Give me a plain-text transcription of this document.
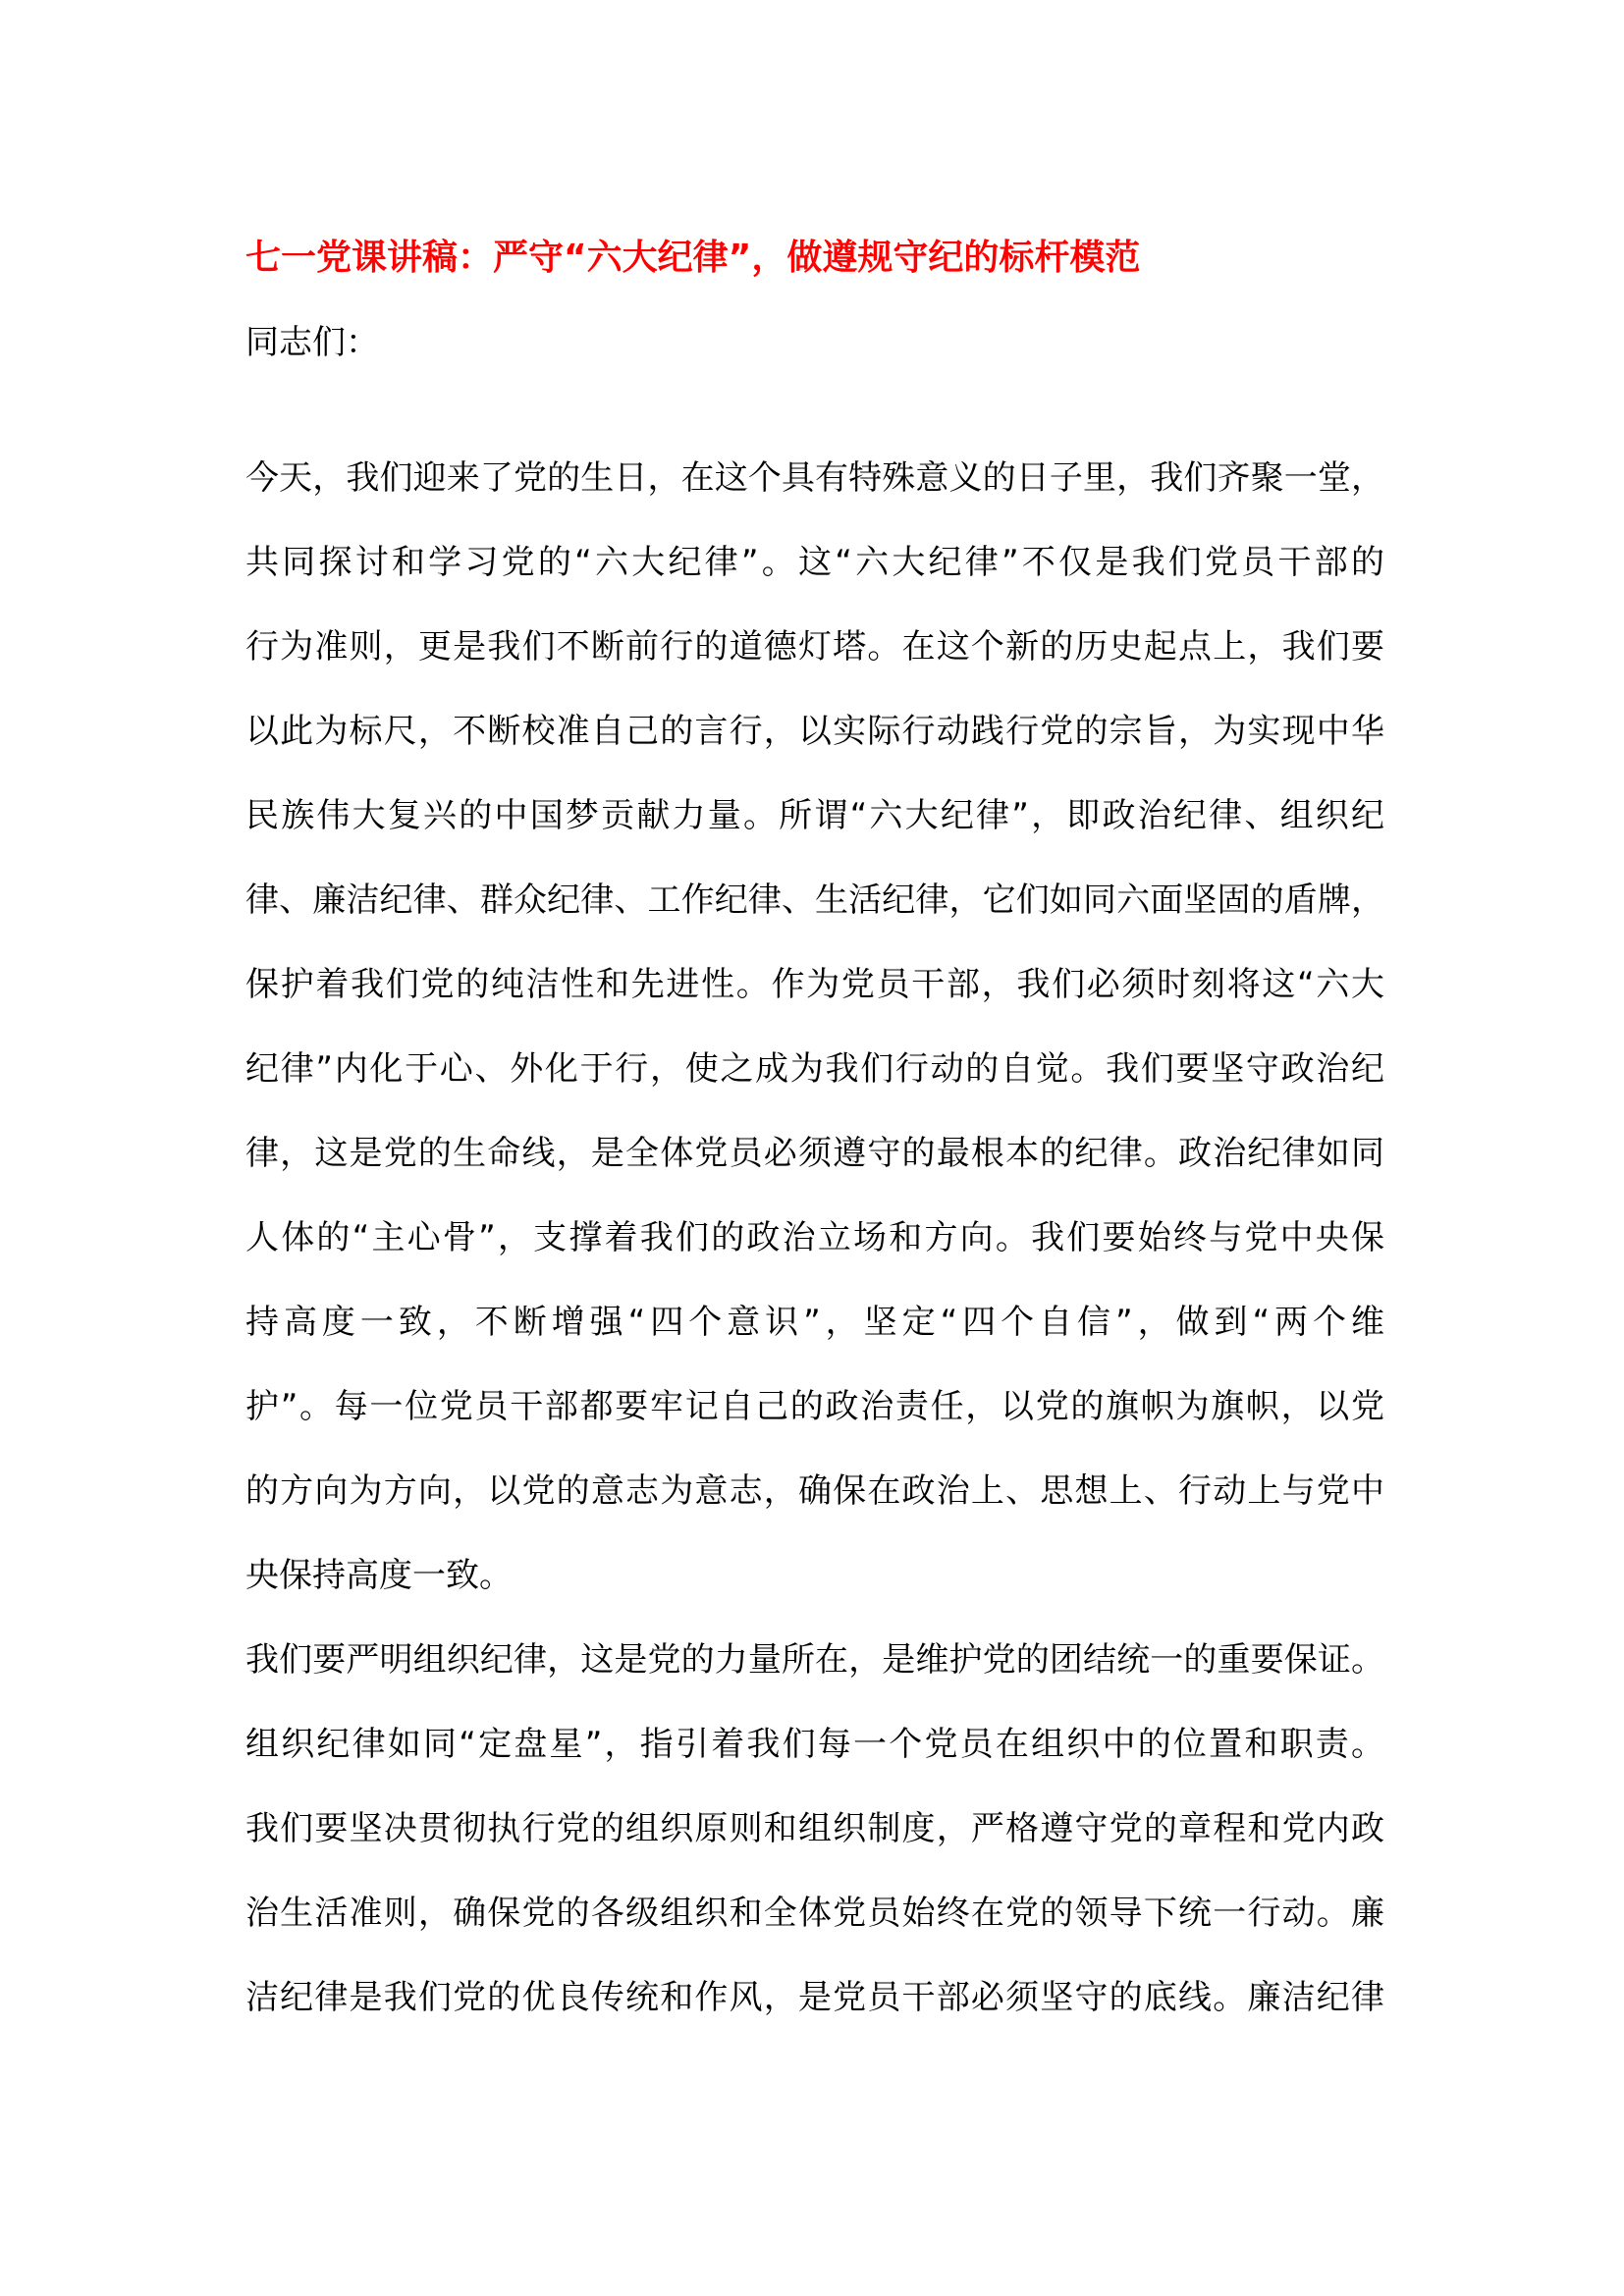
七一党课讲稿：严守“六大纪律”，做遵规守纪的标杆模范
同志们：
今天，我们迎来了党的生日，在这个具有特殊意义的日子里，我们齐聚一堂，
共同探讨和学习党的“六大纪律”。这“六大纪律”不仅是我们党员干部的
行为准则，更是我们不断前行的道德灯塔。在这个新的历史起点上，我们要
以此为标尺，不断校准自己的言行，以实际行动践行党的宗旨，为实现中华
民族伟大复兴的中国梦贡献力量。所谓“六大纪律”，即政治纪律、组织纪
律、廉洁纪律、群众纪律、工作纪律、生活纪律，它们如同六面坚固的盾牌，
保护着我们党的纯洁性和先进性。作为党员干部，我们必须时刻将这“六大
纪律”内化于心、外化于行，使之成为我们行动的自觉。我们要坚守政治纪
律，这是党的生命线，是全体党员必须遵守的最根本的纪律。政治纪律如同
人体的“主心骨”，支撑着我们的政治立场和方向。我们要始终与党中央保
持高度一致，不断增强“四个意识”，坚定“四个自信”，做到“两个维
护”。每一位党员干部都要牢记自己的政治责任，以党的旗帜为旗帜，以党
的方向为方向，以党的意志为意志，确保在政治上、思想上、行动上与党中
央保持高度一致。
我们要严明组织纪律，这是党的力量所在，是维护党的团结统一的重要保证。
组织纪律如同“定盘星”，指引着我们每一个党员在组织中的位置和职责。
我们要坚决贯彻执行党的组织原则和组织制度，严格遵守党的章程和党内政
治生活准则，确保党的各级组织和全体党员始终在党的领导下统一行动。廉
洁纪律是我们党的优良传统和作风，是党员干部必须坚守的底线。廉洁纪律
